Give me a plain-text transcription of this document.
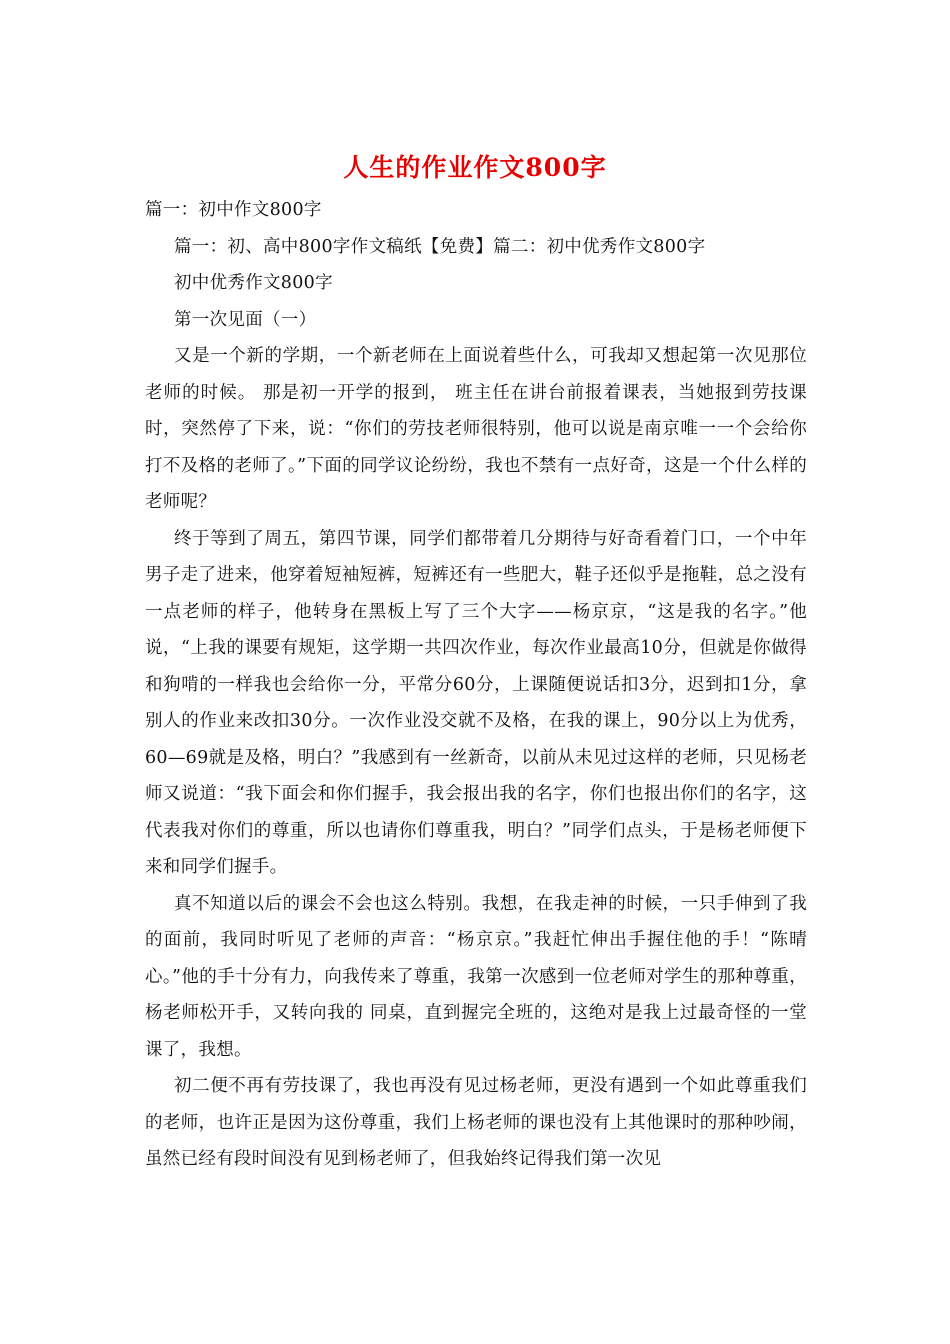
人生的作业作文800字

篇一：初中作文800字

篇一：初、高中800字作文稿纸【免费】篇二：初中优秀作文800字

初中优秀作文800字

第一次见面（一）

又是一个新的学期，一个新老师在上面说着些什么，可我却又想起第一次见那位老师的时候。 那是初一开学的报到， 班主任在讲台前报着课表，当她报到劳技课时，突然停了下来，说：“你们的劳技老师很特别，他可以说是南京唯一一个会给你打不及格的老师了。”下面的同学议论纷纷，我也不禁有一点好奇，这是一个什么样的老师呢？

终于等到了周五，第四节课，同学们都带着几分期待与好奇看着门口，一个中年男子走了进来，他穿着短袖短裤，短裤还有一些肥大，鞋子还似乎是拖鞋，总之没有一点老师的样子，他转身在黑板上写了三个大字——杨京京，“这是我的名字。”他说，“上我的课要有规矩，这学期一共四次作业，每次作业最高10分，但就是你做得和狗啃的一样我也会给你一分，平常分60分，上课随便说话扣3分，迟到扣1分，拿别人的作业来改扣30分。一次作业没交就不及格，在我的课上，90分以上为优秀，60—69就是及格，明白？”我感到有一丝新奇，以前从未见过这样的老师，只见杨老师又说道：“我下面会和你们握手，我会报出我的名字，你们也报出你们的名字，这代表我对你们的尊重，所以也请你们尊重我，明白？”同学们点头，于是杨老师便下来和同学们握手。

真不知道以后的课会不会也这么特别。我想，在我走神的时候，一只手伸到了我的面前，我同时听见了老师的声音：“杨京京。”我赶忙伸出手握住他的手！“陈晴心。”他的手十分有力，向我传来了尊重，我第一次感到一位老师对学生的那种尊重，杨老师松开手，又转向我的 同桌，直到握完全班的，这绝对是我上过最奇怪的一堂课了，我想。

初二便不再有劳技课了，我也再没有见过杨老师，更没有遇到一个如此尊重我们的老师，也许正是因为这份尊重，我们上杨老师的课也没有上其他课时的那种吵闹，虽然已经有段时间没有见到杨老师了，但我始终记得我们第一次见
